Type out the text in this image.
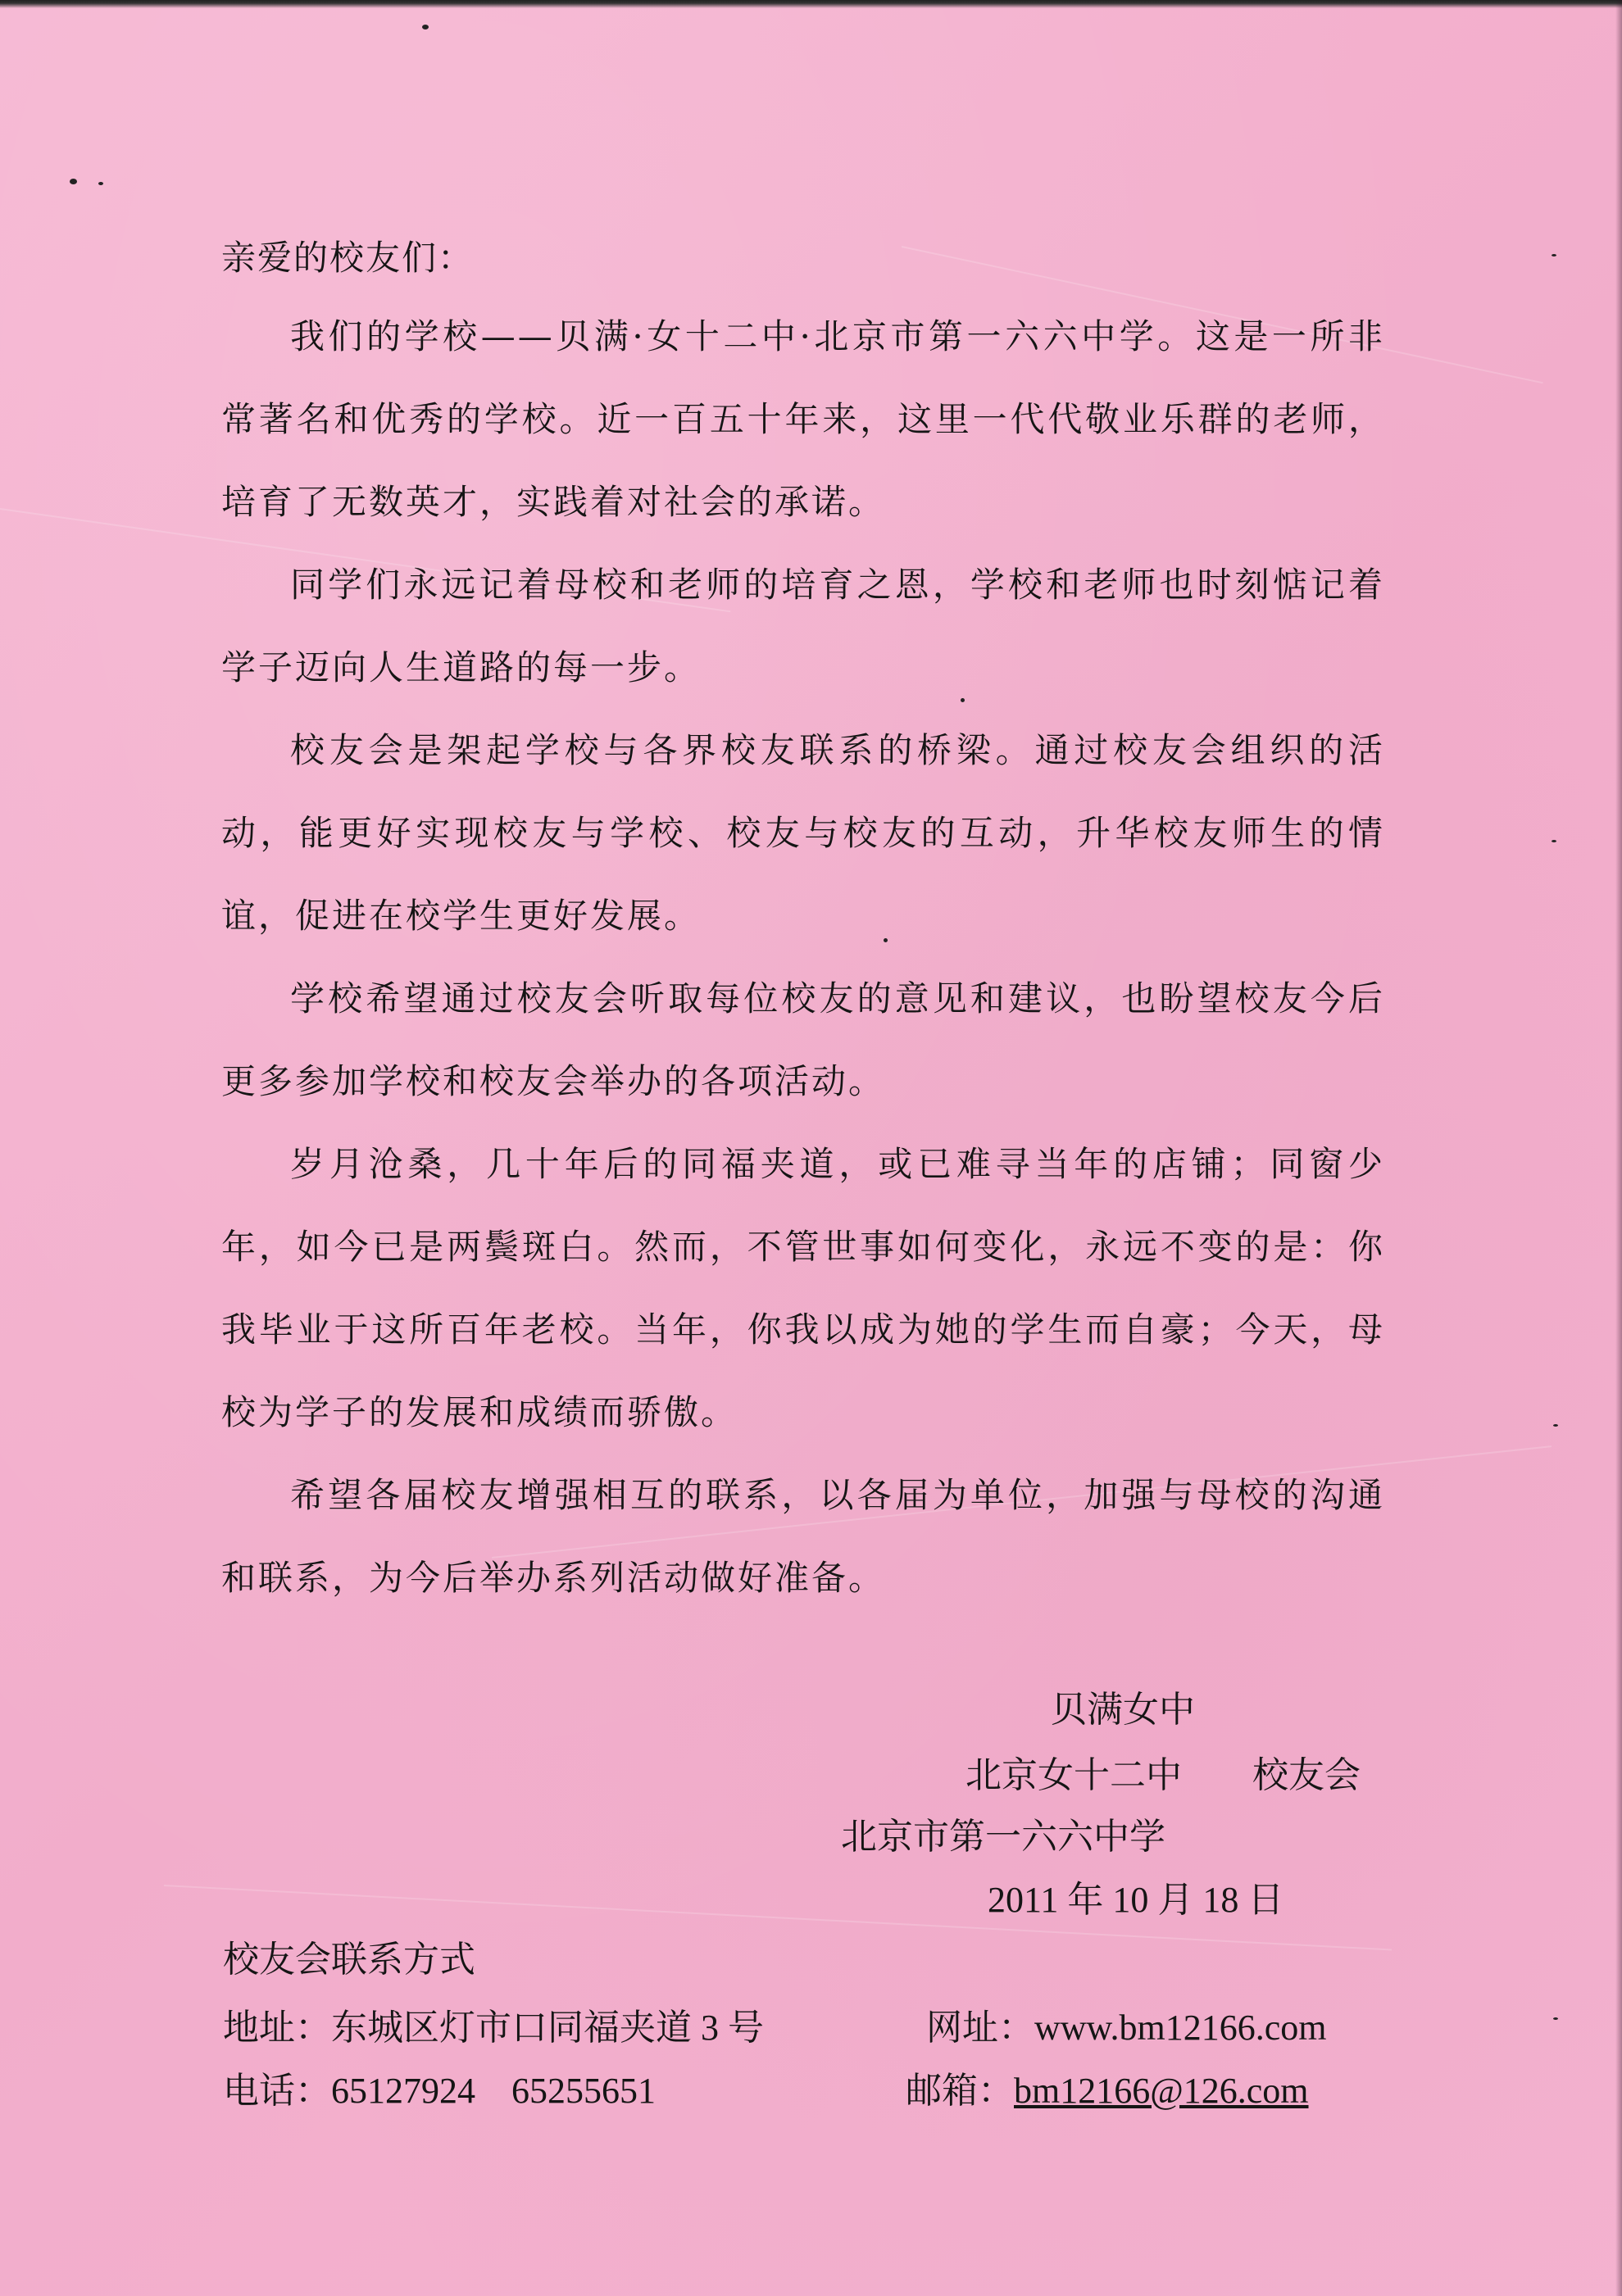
亲爱的校友们：

我们的学校——贝满·女十二中·北京市第一六六中学。这是一所非常著名和优秀的学校。近一百五十年来，这里一代代敬业乐群的老师，培育了无数英才，实践着对社会的承诺。

同学们永远记着母校和老师的培育之恩，学校和老师也时刻惦记着学子迈向人生道路的每一步。

校友会是架起学校与各界校友联系的桥梁。通过校友会组织的活动，能更好实现校友与学校、校友与校友的互动，升华校友师生的情谊，促进在校学生更好发展。

学校希望通过校友会听取每位校友的意见和建议，也盼望校友今后更多参加学校和校友会举办的各项活动。

岁月沧桑，几十年后的同福夹道，或已难寻当年的店铺；同窗少年，如今已是两鬓斑白。然而，不管世事如何变化，永远不变的是：你我毕业于这所百年老校。当年，你我以成为她的学生而自豪；今天，母校为学子的发展和成绩而骄傲。

希望各届校友增强相互的联系，以各届为单位，加强与母校的沟通和联系，为今后举办系列活动做好准备。

贝满女中

北京女十二中 校友会

北京市第一六六中学

2011 年 10 月 18 日

校友会联系方式

地址：东城区灯市口同福夹道 3 号	网址：www.bm12166.com

电话：65127924    65255651	邮箱：bm12166@126.com
